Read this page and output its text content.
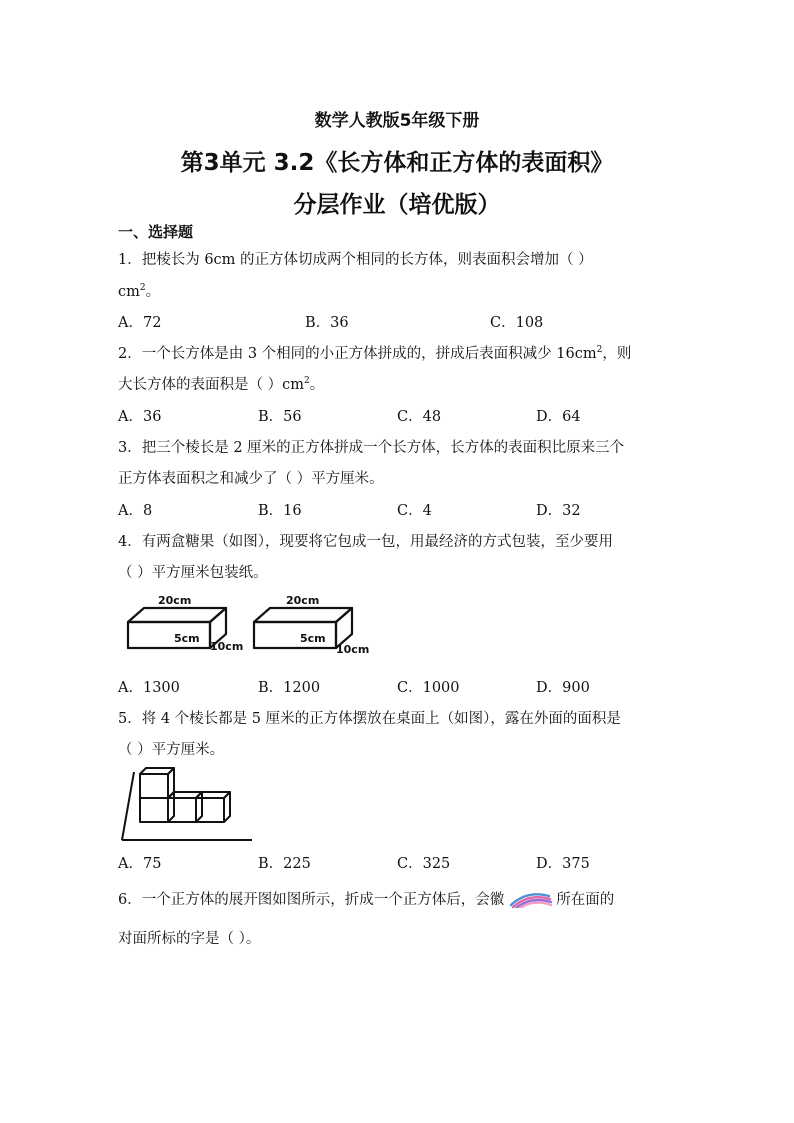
数学人教版5年级下册
第3单元 3.2《长方体和正方体的表面积》
分层作业（培优版）
一、选择题
1．把棱长为 6cm 的正方体切成两个相同的长方体，则表面积会增加（ ）
$cm^2$。
A．72	B．36	C．108
2．一个长方体是由 3 个相同的小正方体拼成的，拼成后表面积减少 $16cm^2$，则
大长方体的表面积是（ ）$cm^2$。
A．36	B．56	C．48	D．64
3．把三个棱长是 2 厘米的正方体拼成一个长方体，长方体的表面积比原来三个
正方体表面积之和减少了（ ）平方厘米。
A．8	B．16	C．4	D．32
4．有两盒糖果（如图），现要将它包成一包，用最经济的方式包装，至少要用
（ ）平方厘米包装纸。
20cm
5cm
10cm
20cm
5cm
10cm
A．1300	B．1200	C．1000	D．900
5．将 4 个棱长都是 5 厘米的正方体摆放在桌面上（如图），露在外面的面积是
（ ）平方厘米。
A．75	B．225	C．325	D．375
6．一个正方体的展开图如图所示，折成一个正方体后，会徽	所在面的
对面所标的字是（ ）。
